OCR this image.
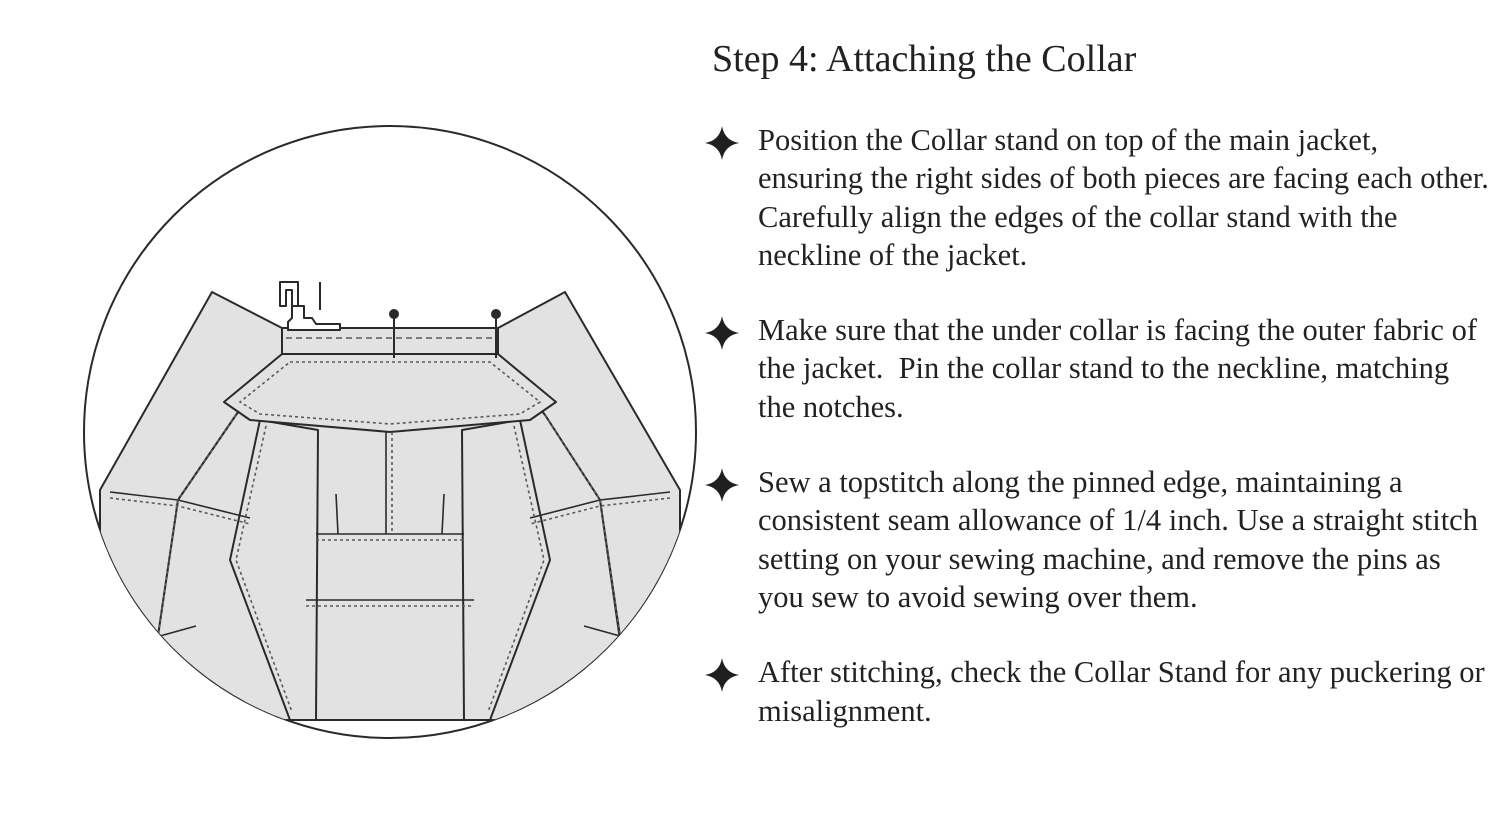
Step 4: Attaching the Collar
Position the Collar stand on top of the main jacket, ensuring the right sides of both pieces are facing each other. Carefully align the edges of the collar stand with the neckline of the jacket.
Make sure that the under collar is facing the outer fabric of the jacket.  Pin the collar stand to the neckline, matching the notches.
Sew a topstitch along the pinned edge, maintaining a consistent seam allowance of 1/4 inch. Use a straight stitch setting on your sewing machine, and remove the pins as you sew to avoid sewing over them.
After stitching, check the Collar Stand for any puckering or misalignment.
